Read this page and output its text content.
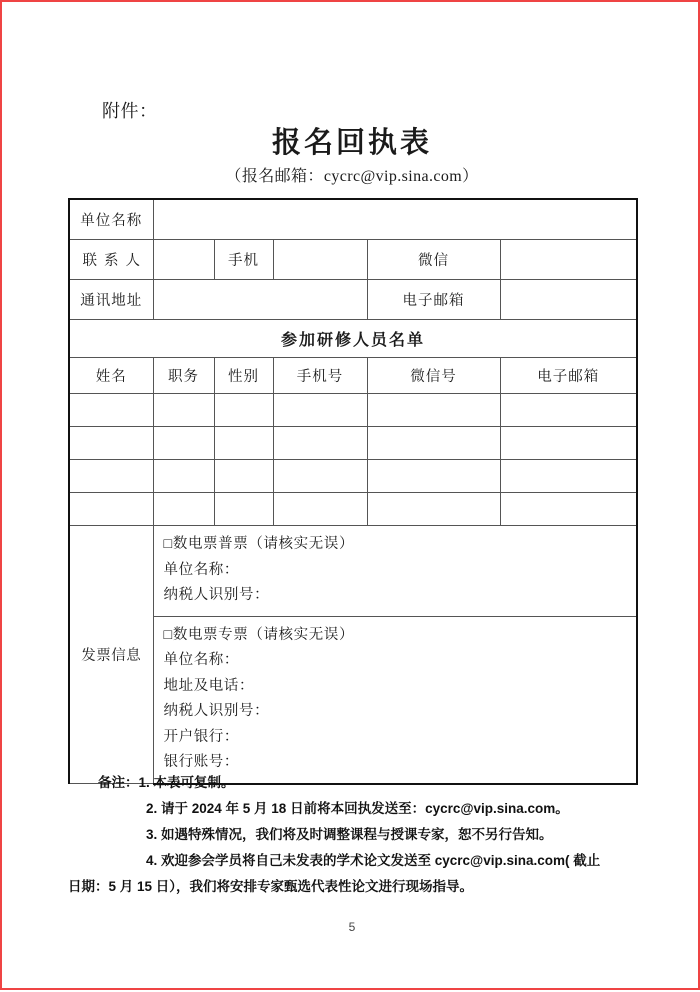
附件：
报名回执表
（报名邮箱：cycrc@vip.sina.com）
单位名称					
联系人		手机		微信	
通讯地址				电子邮箱	
参加研修人员名单					
姓名	职务	性别	手机号	微信号	电子邮箱

发票信息	□数电票普票（请核实无误）
单位名称：
纳税人识别号：				

□数电票专票（请核实无误）
单位名称：
地址及电话：
纳税人识别号：
开户银行：
银行账号：
备注：1. 本表可复制。
2. 请于 2024 年 5 月 18 日前将本回执发送至：cycrc@vip.sina.com。
3. 如遇特殊情况，我们将及时调整课程与授课专家，恕不另行告知。
4. 欢迎参会学员将自己未发表的学术论文发送至 cycrc@vip.sina.com( 截止
日期：5 月 15 日），我们将安排专家甄选代表性论文进行现场指导。
5
